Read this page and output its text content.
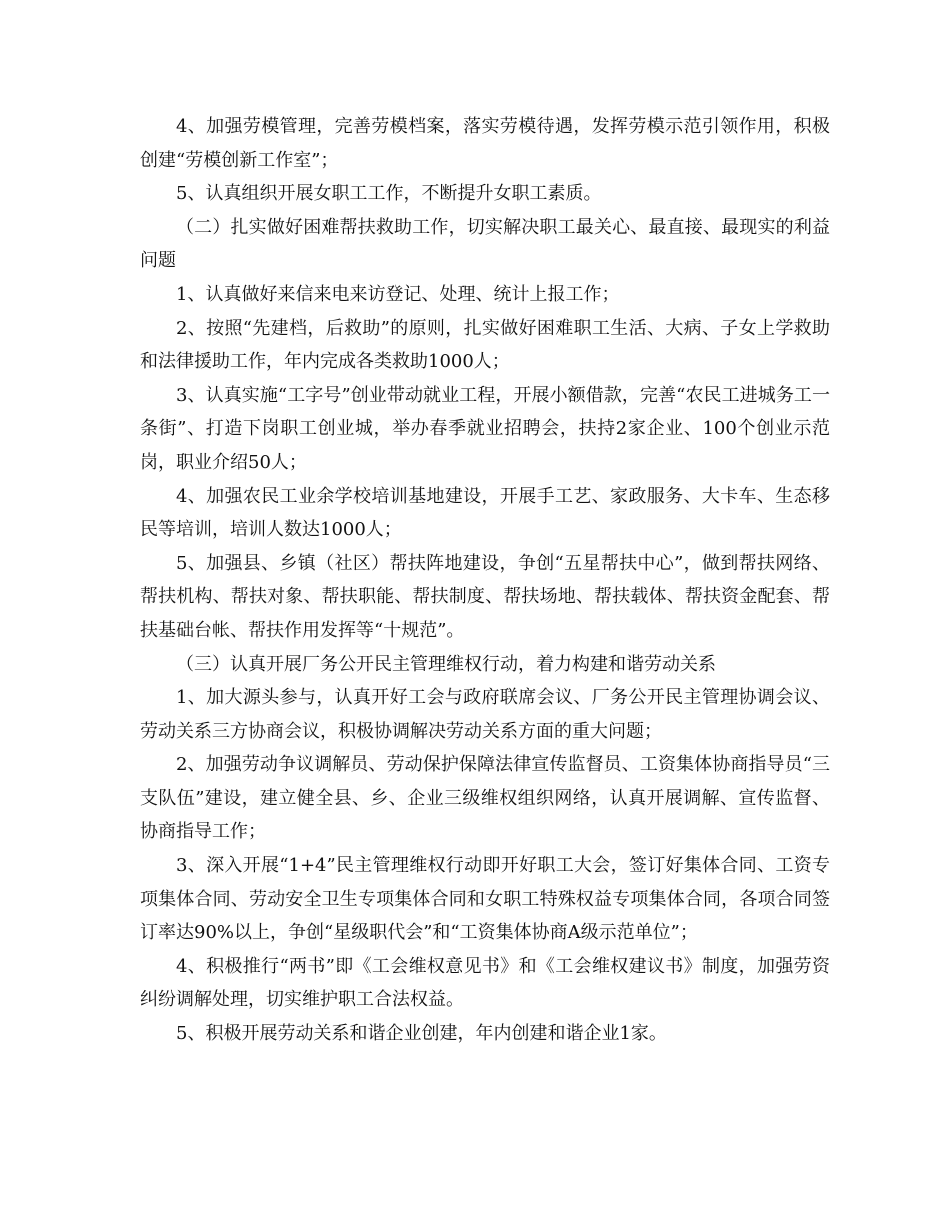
4、加强劳模管理，完善劳模档案，落实劳模待遇，发挥劳模示范引领作用，积极创建“劳模创新工作室”；

5、认真组织开展女职工工作，不断提升女职工素质。

（二）扎实做好困难帮扶救助工作，切实解决职工最关心、最直接、最现实的利益问题

1、认真做好来信来电来访登记、处理、统计上报工作；

2、按照“先建档，后救助”的原则，扎实做好困难职工生活、大病、子女上学救助和法律援助工作，年内完成各类救助1000人；

3、认真实施“工字号”创业带动就业工程，开展小额借款，完善“农民工进城务工一条街”、打造下岗职工创业城，举办春季就业招聘会，扶持2家企业、100个创业示范岗，职业介绍50人；

4、加强农民工业余学校培训基地建设，开展手工艺、家政服务、大卡车、生态移民等培训，培训人数达1000人；

5、加强县、乡镇（社区）帮扶阵地建设，争创“五星帮扶中心”，做到帮扶网络、帮扶机构、帮扶对象、帮扶职能、帮扶制度、帮扶场地、帮扶载体、帮扶资金配套、帮扶基础台帐、帮扶作用发挥等“十规范”。

（三）认真开展厂务公开民主管理维权行动，着力构建和谐劳动关系

1、加大源头参与，认真开好工会与政府联席会议、厂务公开民主管理协调会议、劳动关系三方协商会议，积极协调解决劳动关系方面的重大问题；

2、加强劳动争议调解员、劳动保护保障法律宣传监督员、工资集体协商指导员“三支队伍”建设，建立健全县、乡、企业三级维权组织网络，认真开展调解、宣传监督、协商指导工作；

3、深入开展“1+4”民主管理维权行动即开好职工大会，签订好集体合同、工资专项集体合同、劳动安全卫生专项集体合同和女职工特殊权益专项集体合同，各项合同签订率达90%以上，争创“星级职代会”和“工资集体协商A级示范单位”；

4、积极推行“两书”即《工会维权意见书》和《工会维权建议书》制度，加强劳资纠纷调解处理，切实维护职工合法权益。

5、积极开展劳动关系和谐企业创建，年内创建和谐企业1家。
